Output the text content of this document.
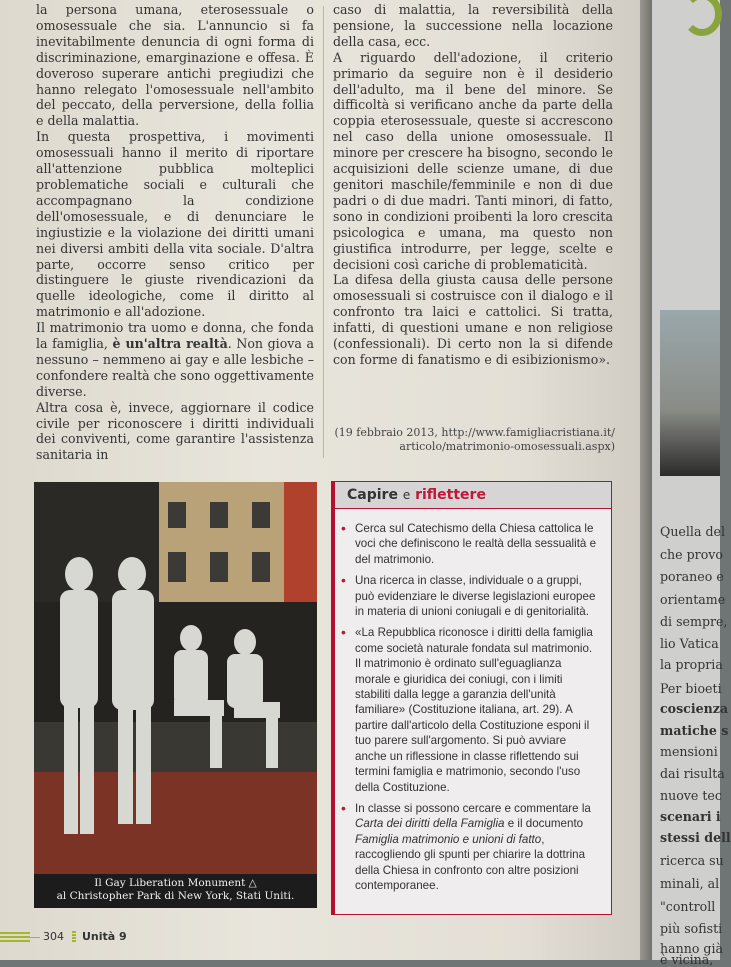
la persona umana, eterosessuale o omosessuale che sia. L'annuncio si fa inevitabilmente denuncia di ogni forma di discriminazione, emarginazione e offesa. È doveroso superare antichi pregiudizi che hanno relegato l'omosessuale nell'ambito del peccato, della perversione, della follia e della malattia.

In questa prospettiva, i movimenti omosessuali hanno il merito di riportare all'attenzione pubblica molteplici problematiche sociali e culturali che accompagnano la condizione dell'omosessuale, e di denunciare le ingiustizie e la violazione dei diritti umani nei diversi ambiti della vita sociale. D'altra parte, occorre senso critico per distinguere le giuste rivendicazioni da quelle ideologiche, come il diritto al matrimonio e all'adozione.

Il matrimonio tra uomo e donna, che fonda la famiglia, è un'altra realtà. Non giova a nessuno – nemmeno ai gay e alle lesbiche – confondere realtà che sono oggettivamente diverse.

Altra cosa è, invece, aggiornare il codice civile per riconoscere i diritti individuali dei conviventi, come garantire l'assistenza sanitaria in

caso di malattia, la reversibilità della pensione, la successione nella locazione della casa, ecc.

A riguardo dell'adozione, il criterio primario da seguire non è il desiderio dell'adulto, ma il bene del minore. Se difficoltà si verificano anche da parte della coppia eterosessuale, queste si accrescono nel caso della unione omosessuale. Il minore per crescere ha bisogno, secondo le acquisizioni delle scienze umane, di due genitori maschile/femminile e non di due padri o di due madri. Tanti minori, di fatto, sono in condizioni proibenti la loro crescita psicologica e umana, ma questo non giustifica introdurre, per legge, scelte e decisioni così cariche di problematicità.

La difesa della giusta causa delle persone omosessuali si costruisce con il dialogo e il confronto tra laici e cattolici. Si tratta, infatti, di questioni umane e non religiose (confessionali). Di certo non la si difende con forme di fanatismo e di esibizionismo».

(19 febbraio 2013, http://www.famigliacristiana.it/
articolo/matrimonio-omosessuali.aspx)
Il Gay Liberation Monument △
al Christopher Park di New York, Stati Uniti.
Capire e riflettere
• Cerca sul Catechismo della Chiesa cattolica le voci che definiscono le realtà della sessualità e del matrimonio.
• Una ricerca in classe, individuale o a gruppi, può evidenziare le diverse legislazioni europee in materia di unioni coniugali e di genitorialità.
• «La Repubblica riconosce i diritti della famiglia come società naturale fondata sul matrimonio. Il matrimonio è ordinato sull'eguaglianza morale e giuridica dei coniugi, con i limiti stabiliti dalla legge a garanzia dell'unità familiare» (Costituzione italiana, art. 29). A partire dall'articolo della Costituzione esponi il tuo parere sull'argomento. Si può avviare anche un riflessione in classe riflettendo sui termini famiglia e matrimonio, secondo l'uso della Costituzione.
• In classe si possono cercare e commentare la Carta dei diritti della Famiglia e il documento Famiglia matrimonio e unioni di fatto, raccogliendo gli spunti per chiarire la dottrina della Chiesa in confronto con altre posizioni contemporanee.
304 Unità 9
Quella del
che provo
poraneo e
orientame
di sempre,
lio Vatica
la propria
Per bioeti
coscienza
matiche s
mensioni
dai risulta
nuove tec
scenari i
stessi dell
ricerca su
minali, al
"controll
più sofisti
hanno già
è vicina,
